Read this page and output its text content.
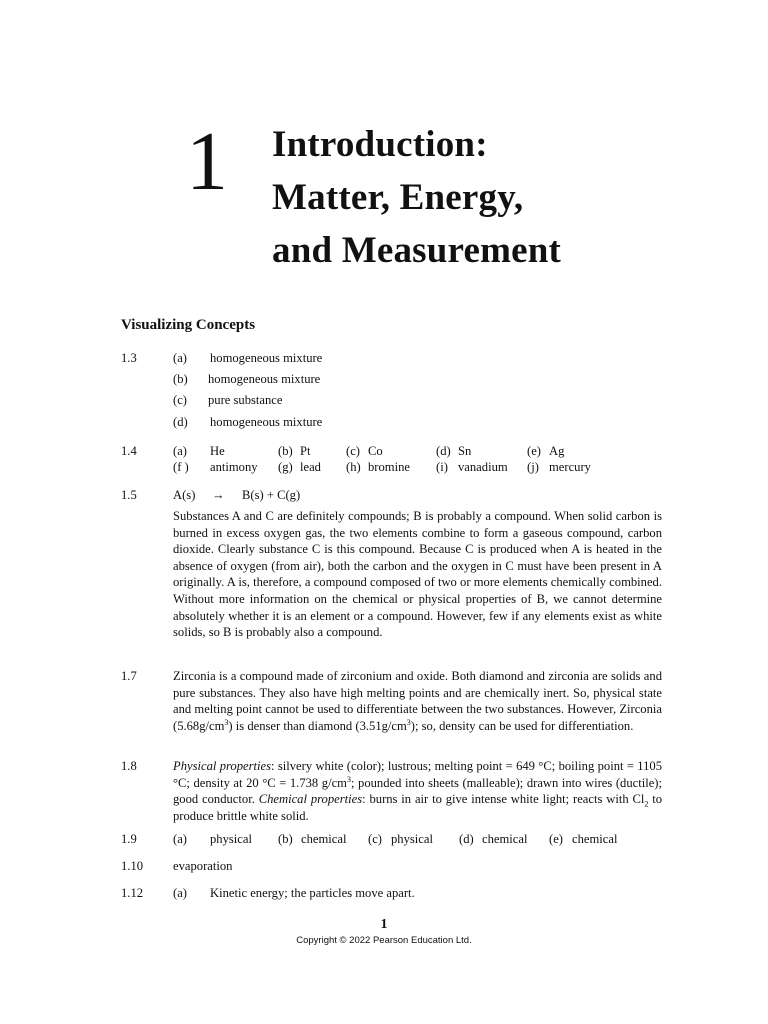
1 Introduction:
Matter, Energy,
and Measurement
Visualizing Concepts
1.3	(a) homogeneous mixture
(b) homogeneous mixture
(c) pure substance
(d) homogeneous mixture
1.4	(a) He	(b) Pt	(c) Co	(d) Sn	(e) Ag
(f ) antimony (g) lead (h) bromine (i) vanadium (j) mercury
1.5	A(s) → B(s) + C(g)
Substances A and C are definitely compounds; B is probably a compound. When solid carbon is burned in excess oxygen gas, the two elements combine to form a gaseous compound, carbon dioxide. Clearly substance C is this compound. Because C is produced when A is heated in the absence of oxygen (from air), both the carbon and the oxygen in C must have been present in A originally. A is, therefore, a compound composed of two or more elements chemically combined. Without more information on the chemical or physical properties of B, we cannot determine absolutely whether it is an element or a compound. However, few if any elements exist as white solids, so B is probably also a compound.
1.7	Zirconia is a compound made of zirconium and oxide. Both diamond and zirconia are solids and pure substances. They also have high melting points and are chemically inert. So, physical state and melting point cannot be used to differentiate between the two substances. However, Zirconia $(5.68g/cm^3)$ is denser than diamond $(3.51g/cm^3)$; so, density can be used for differentiation.
1.8	Physical properties: silvery white (color); lustrous; melting point = 649 °C; boiling point = 1105 °C; density at 20 °C = 1.738 $g/cm^3$; pounded into sheets (malleable); drawn into wires (ductile); good conductor. Chemical properties: burns in air to give intense white light; reacts with $Cl_2$ to produce brittle white solid.
1.9	(a) physical (b) chemical (c) physical (d) chemical (e) chemical
1.10 evaporation
1.12 (a) Kinetic energy; the particles move apart.
1
Copyright © 2022 Pearson Education Ltd.
